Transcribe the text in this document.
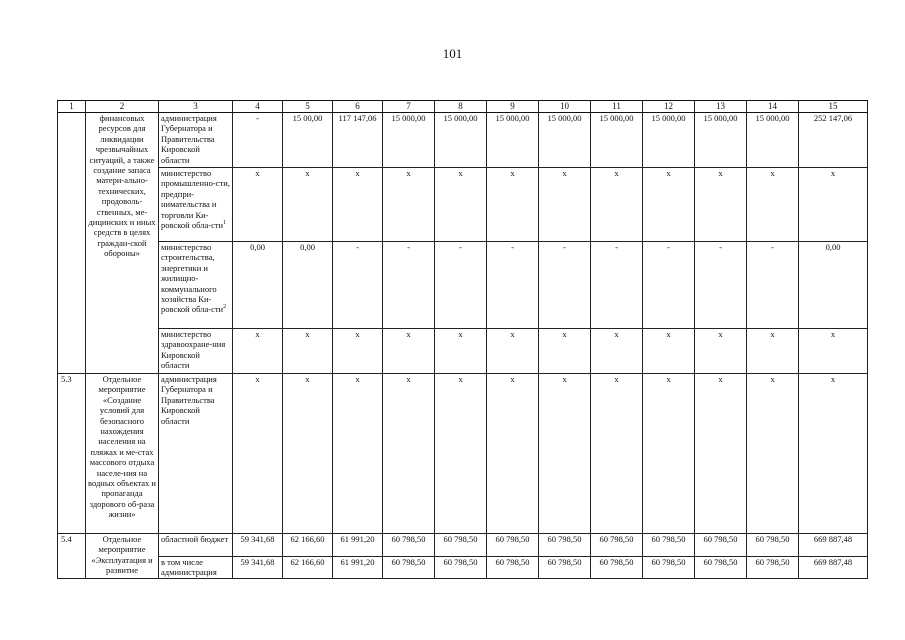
101
1	2	3	4	5	6	7	8	9	10	11	12	13	14	15
	финансовых ресурсов для ликвидации чрезвычайных ситуаций, а также создание запаса матери-ально-технических, продоволь-ственных, ме-дицинских и иных средств в целях граждан-ской обороны»	администрация Губернатора и Правительства Кировской области	-	15 00,00	117 147,06	15 000,00	15 000,00	15 000,00	15 000,00	15 000,00	15 000,00	15 000,00	15 000,00	252 147,06
		министерство промышленно-сти, предпри-нимательства и торговли Ки-ровской обла-сти$^1$	x	x	x	x	x	x	x	x	x	x	x	x
		министерство строительства, энергетики и жилищно-коммунального хозяйства Ки-ровской обла-сти$^2$	0,00	0,00	-	-	-	-	-	-	-	-	-	0,00
		министерство здравоохране-ния Кировской области	x	x	x	x	x	x	x	x	x	x	x	x
5.3	Отдельное мероприятие «Создание условий для безопасного нахождения населения на пляжах и ме-стах массового отдыха населе-ния на водных объектах и пропаганда здорового об-раза жизни»	администрация Губернатора и Правительства Кировской области	x	x	x	x	x	x	x	x	x	x	x	x
5.4	Отдельное мероприятие «Эксплуатация и развитие	областной бюджет	59 341,68	62 166,60	61 991,20	60 798,50	60 798,50	60 798,50	60 798,50	60 798,50	60 798,50	60 798,50	60 798,50	669 887,48
		в том числе администрация	59 341,68	62 166,60	61 991,20	60 798,50	60 798,50	60 798,50	60 798,50	60 798,50	60 798,50	60 798,50	60 798,50	669 887,48
